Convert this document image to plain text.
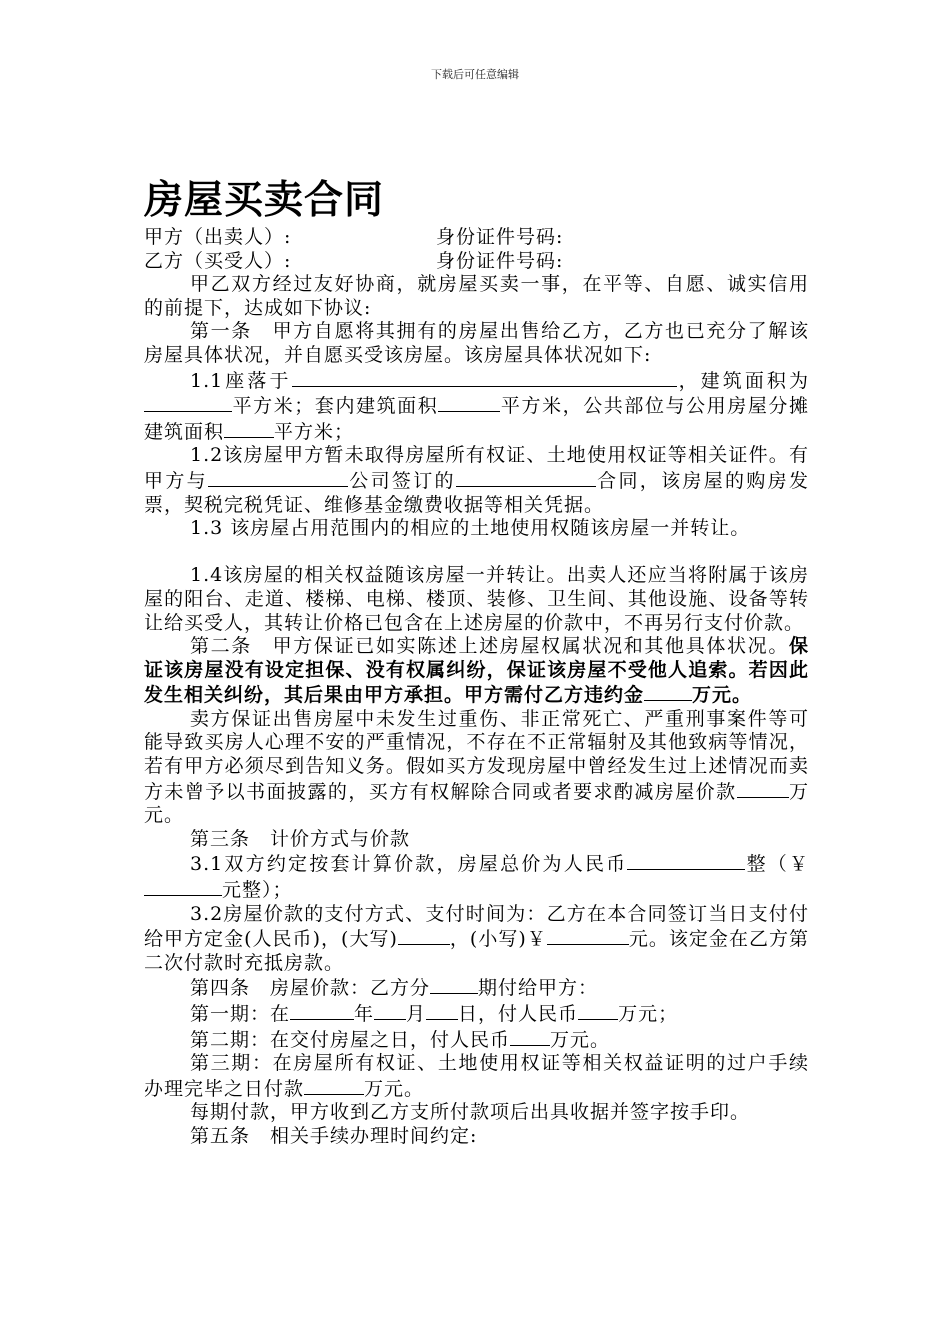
下载后可任意编辑
房屋买卖合同
甲方（出卖人）:	身份证件号码:
乙方（买受人）:	身份证件号码:

甲乙双方经过友好协商，就房屋买卖一事，在平等、自愿、诚实信用的前提下，达成如下协议:

第一条　甲方自愿将其拥有的房屋出售给乙方，乙方也已充分了解该房屋具体状况，并自愿买受该房屋。该房屋具体状况如下:

1.1座落于	，建筑面积为平方米；套内建筑面积	平方米，公共部位与公用房屋分摊建筑面积	平方米；

1.2该房屋甲方暂未取得房屋所有权证、土地使用权证等相关证件。有甲方与	公司签订的	合同，该房屋的购房发票，契税完税凭证、维修基金缴费收据等相关凭据。

1.3 该房屋占用范围内的相应的土地使用权随该房屋一并转让。

1.4该房屋的相关权益随该房屋一并转让。出卖人还应当将附属于该房屋的阳台、走道、楼梯、电梯、楼顶、装修、卫生间、其他设施、设备等转让给买受人，其转让价格已包含在上述房屋的价款中，不再另行支付价款。

第二条　甲方保证已如实陈述上述房屋权属状况和其他具体状况。保证该房屋没有设定担保、没有权属纠纷，保证该房屋不受他人追索。若因此发生相关纠纷，其后果由甲方承担。甲方需付乙方违约金	万元。

卖方保证出售房屋中未发生过重伤、非正常死亡、严重刑事案件等可能导致买房人心理不安的严重情况，不存在不正常辐射及其他致病等情况，若有甲方必须尽到告知义务。假如买方发现房屋中曾经发生过上述情况而卖方未曾予以书面披露的，买方有权解除合同或者要求酌减房屋价款	万元。

第三条　计价方式与价款

3.1双方约定按套计算价款，房屋总价为人民币	整（￥元整）；

3.2房屋价款的支付方式、支付时间为：乙方在本合同签订当日支付付给甲方定金(人民币)，(大写)	，(小写)￥	元。该定金在乙方第二次付款时充抵房款。

第四条　房屋价款：乙方分	期付给甲方：

第一期：在	年 月 日，付人民币 万元；

第二期：在交付房屋之日，付人民币 万元。

第三期：在房屋所有权证、土地使用权证等相关权益证明的过户手续办理完毕之日付款	万元。

每期付款，甲方收到乙方支所付款项后出具收据并签字按手印。

第五条　相关手续办理时间约定:
